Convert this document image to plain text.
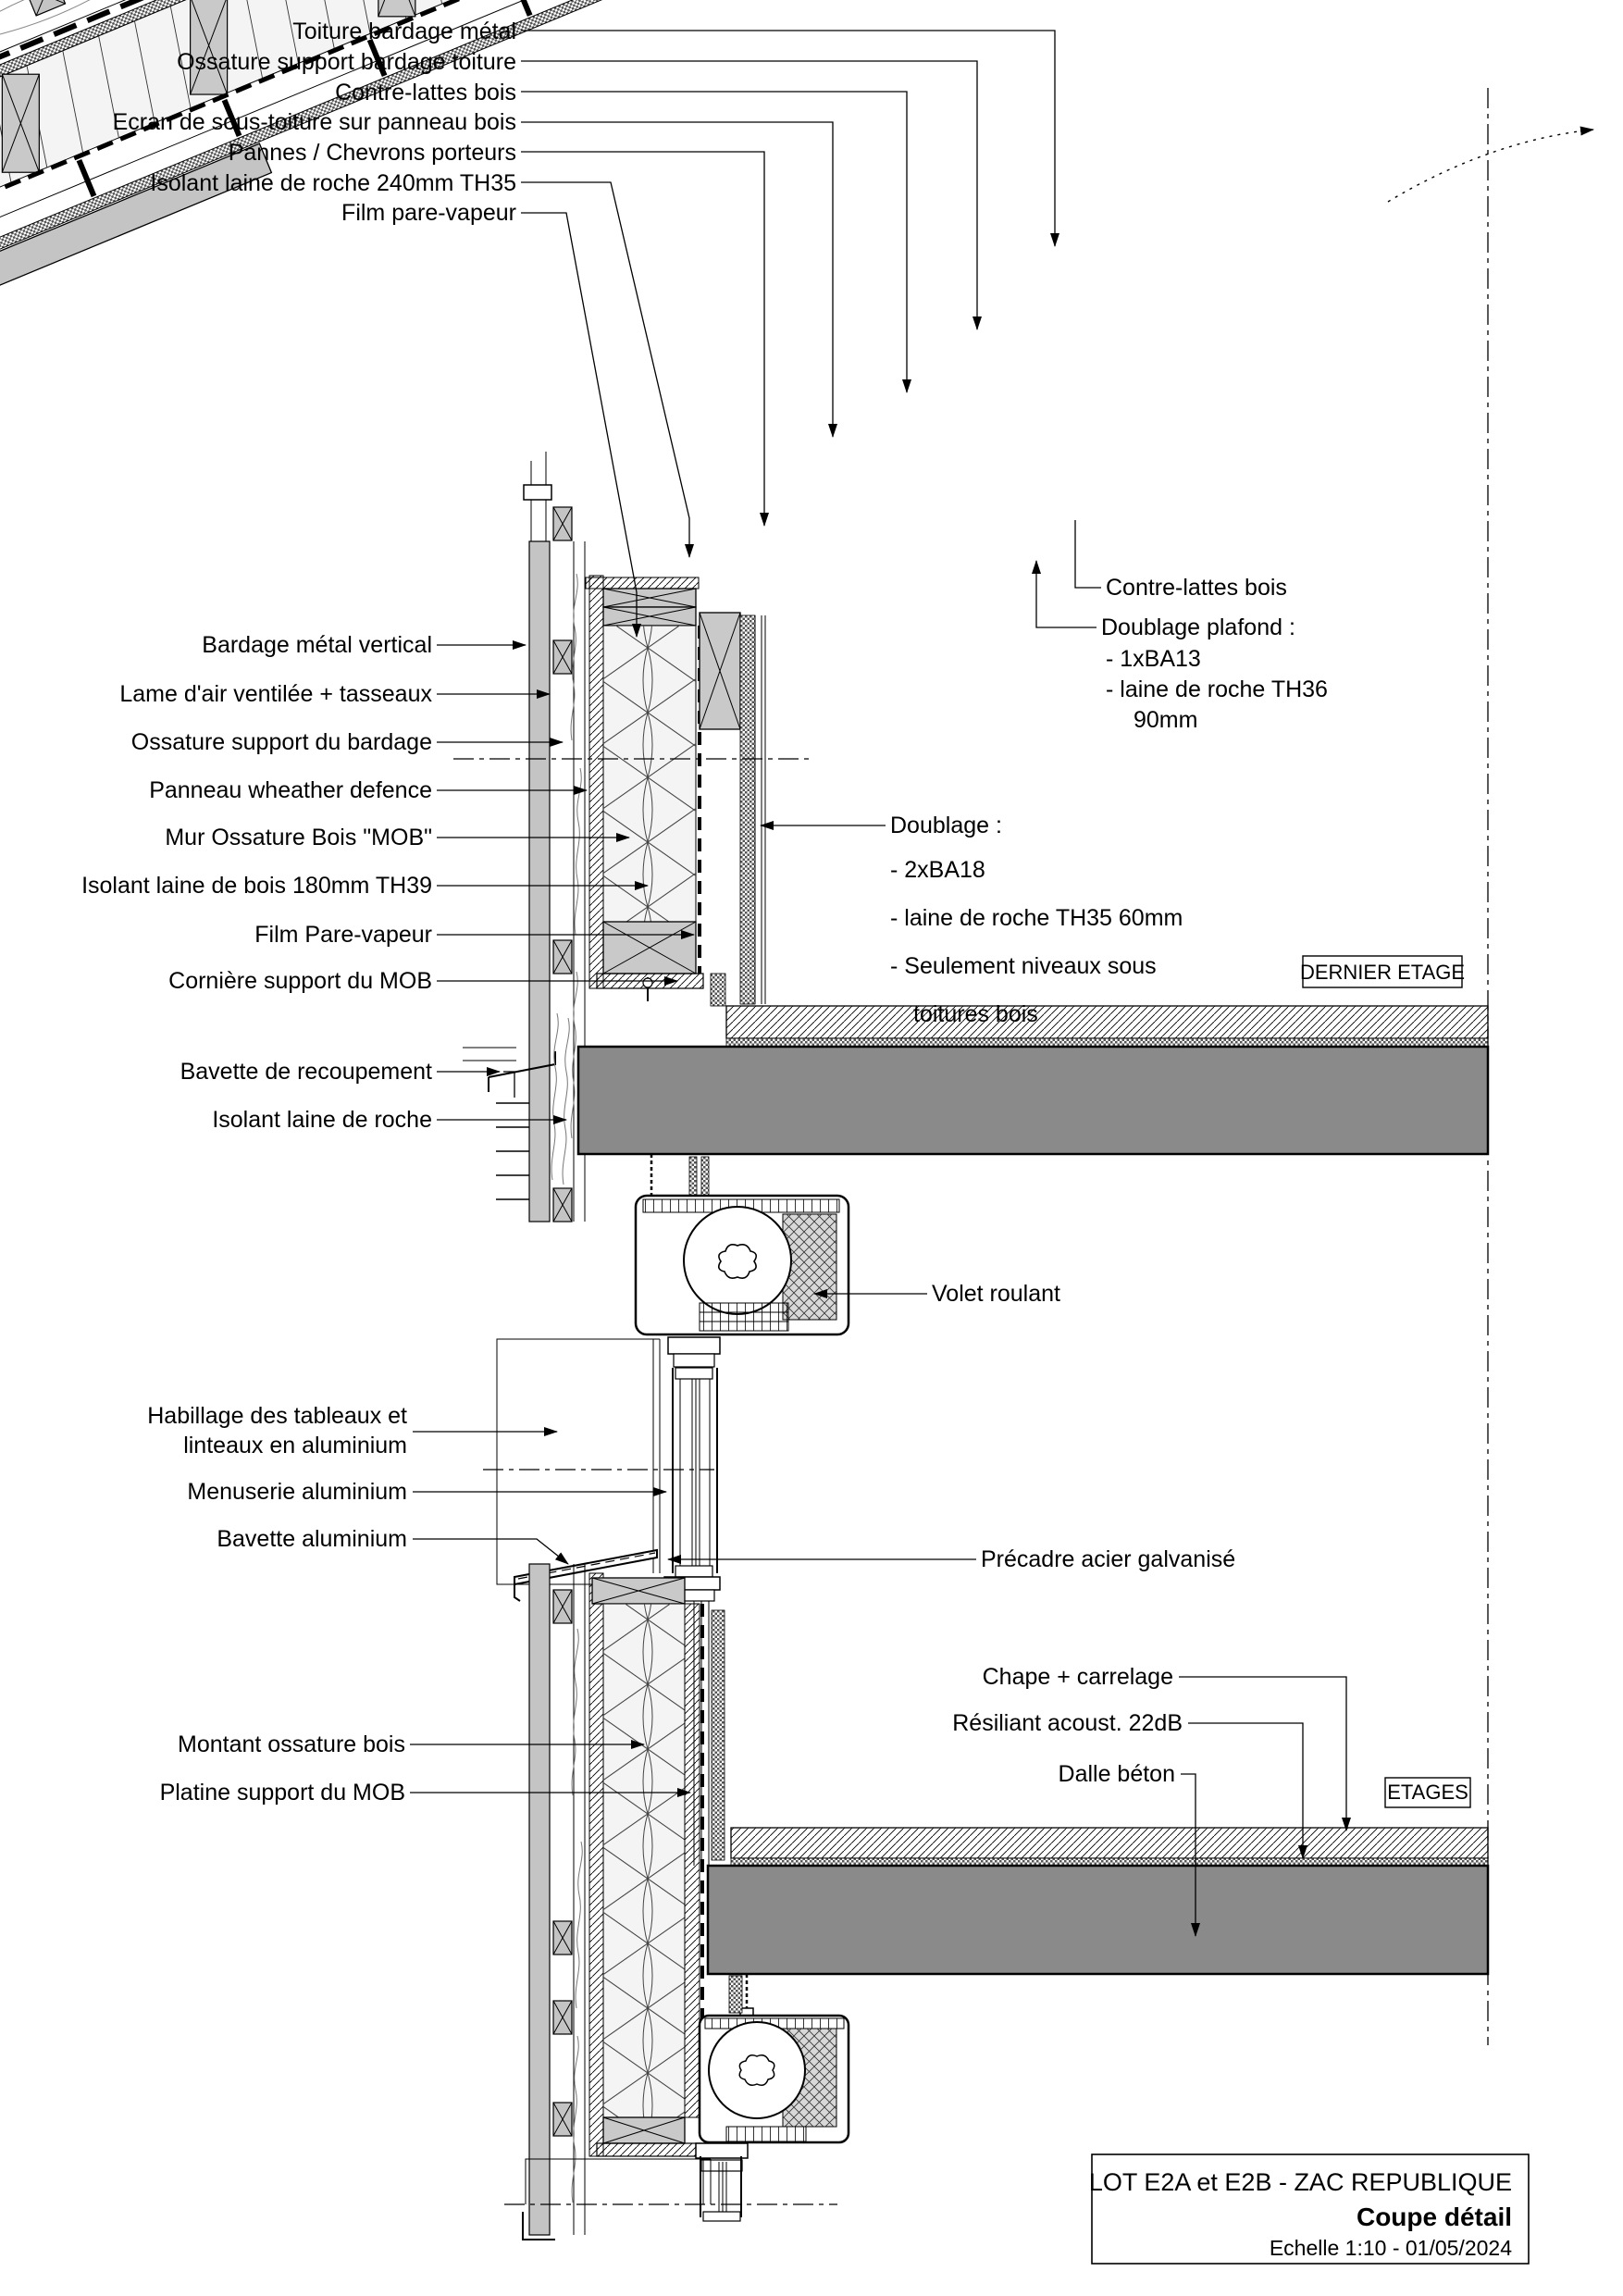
Toiture bardage métal
Ossature support bardage toiture
Contre-lattes bois
Ecran de sous-toiture sur panneau bois
Pannes / Chevrons porteurs
Isolant laine de roche 240mm TH35
Film pare-vapeur
Bardage métal vertical
Lame d'air ventilée + tasseaux
Ossature support du bardage
Panneau wheather defence
Mur Ossature Bois "MOB"
Isolant laine de bois 180mm TH39
Film Pare-vapeur
Cornière support du MOB
Bavette de recoupement
Isolant laine de roche
Habillage des tableaux et
linteaux en aluminium
Menuserie aluminium
Bavette aluminium
Montant ossature bois
Platine support du MOB
Contre-lattes bois
Doublage plafond :
- 1xBA13
- laine de roche TH36
90mm
Doublage :
- 2xBA18
- laine de roche TH35 60mm
- Seulement niveaux sous
toitures bois
Volet roulant
Précadre acier galvanisé
Chape + carrelage
Résiliant acoust. 22dB
Dalle béton
DERNIER ETAGE
ETAGES
LOT E2A et E2B - ZAC REPUBLIQUE
Coupe détail
Echelle 1:10 - 01/05/2024
